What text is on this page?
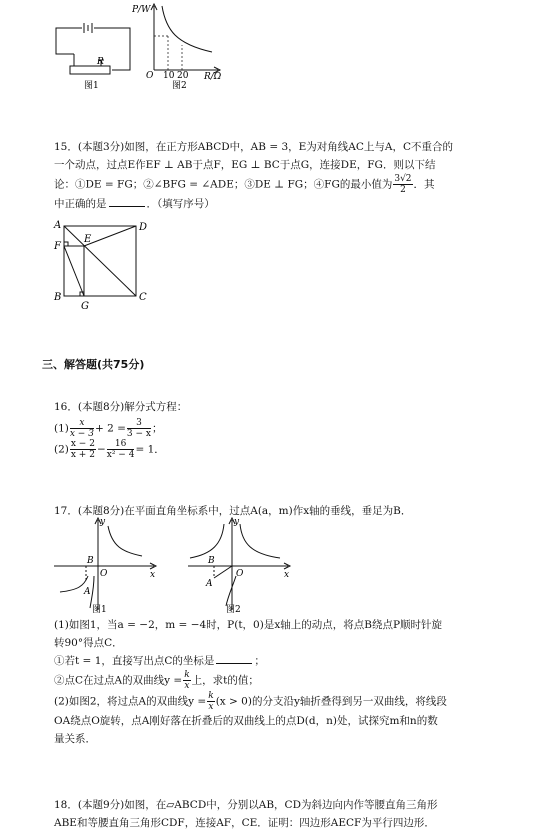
R
图1
P/W
O 10 20 R/Ω
图2

15．(本题3分)如图，在正方形ABCD中，AB = 3，E为对角线AC上与A，C不重合的

一个动点，过点E作EF ⊥ AB于点F，EG ⊥ BC于点G，连接DE，FG．则以下结

论：①DE = FG；②∠BFG = ∠ADE；③DE ⊥ FG；④FG的最小值为 $\frac{3√2}{2}$ ．其

中正确的是	．（填写序号）

A	D
F
E
B	C
G
三、解答题(共75分)

16．(本题8分)解分式方程：

$(1) \frac{x}{x - 3} + 2 = \frac{3}{3 - x}$ ；

$(2) \frac{x - 2}{x + 2} - \frac{16}{\text{x² − 4}} = 1$．

17．(本题8分)在平面直角坐标系中，过点A(a，m)作x轴的垂线，垂足为B．

y
x
O
B
A
图1
y
x
O
B
A
图2

(1)如图1，当a = −2，m = −4时，P(t，0)是x轴上的动点，将点B绕点P顺时针旋

转90°得点C．

①若t = 1，直接写出点C的坐标是	；

②点C在过点A的双曲线$y = \frac{k}{x}$ 上，求t的值；

(2)如图2，将过点A的双曲线$y = \frac{k}{x} (x > 0)$的分支沿y轴折叠得到另一双曲线，将线段

OA绕点O旋转，点A刚好落在折叠后的双曲线上的点D(d，n)处，试探究m和n的数

量关系．

18．(本题9分)如图，在▱ABCD中，分别以AB，CD为斜边向内作等腰直角三角形

ABE和等腰直角三角形CDF，连接AF，CE．证明：四边形AECF为平行四边形．
